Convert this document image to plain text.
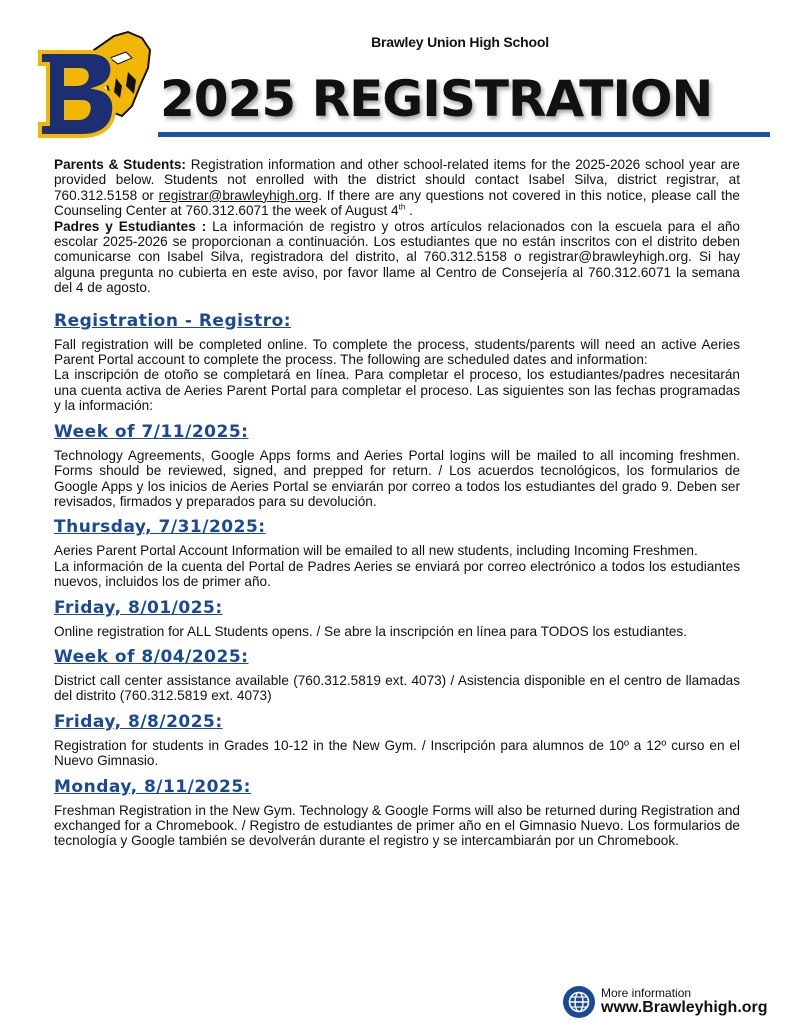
Brawley Union High School
2025 REGISTRATION

Parents & Students: Registration information and other school-related items for the 2025-2026 school year are provided below. Students not enrolled with the district should contact Isabel Silva, district registrar, at 760.312.5158 or registrar@brawleyhigh.org. If there are any questions not covered in this notice, please call the Counseling Center at 760.312.6071 the week of August 4th .

Padres y Estudiantes : La información de registro y otros artículos relacionados con la escuela para el año escolar 2025-2026 se proporcionan a continuación. Los estudiantes que no están inscritos con el distrito deben comunicarse con Isabel Silva, registradora del distrito, al 760.312.5158 o registrar@brawleyhigh.org. Si hay alguna pregunta no cubierta en este aviso, por favor llame al Centro de Consejería al 760.312.6071 la semana del 4 de agosto.

Registration - Registro:

Fall registration will be completed online. To complete the process, students/parents will need an active Aeries Parent Portal account to complete the process. The following are scheduled dates and information:

La inscripción de otoño se completará en línea. Para completar el proceso, los estudiantes/padres necesitarán una cuenta activa de Aeries Parent Portal para completar el proceso. Las siguientes son las fechas programadas y la información:

Week of 7/11/2025:

Technology Agreements, Google Apps forms and Aeries Portal logins will be mailed to all incoming freshmen. Forms should be reviewed, signed, and prepped for return. / Los acuerdos tecnológicos, los formularios de Google Apps y los inicios de Aeries Portal se enviarán por correo a todos los estudiantes del grado 9. Deben ser revisados, firmados y preparados para su devolución.

Thursday, 7/31/2025:

Aeries Parent Portal Account Information will be emailed to all new students, including Incoming Freshmen.

La información de la cuenta del Portal de Padres Aeries se enviará por correo electrónico a todos los estudiantes nuevos, incluidos los de primer año.

Friday, 8/01/025:

Online registration for ALL Students opens. / Se abre la inscripción en línea para TODOS los estudiantes.

Week of 8/04/2025:

District call center assistance available (760.312.5819 ext. 4073) / Asistencia disponible en el centro de llamadas del distrito (760.312.5819 ext. 4073)

Friday, 8/8/2025:

Registration for students in Grades 10-12 in the New Gym. / Inscripción para alumnos de 10º a 12º curso en el Nuevo Gimnasio.

Monday, 8/11/2025:

Freshman Registration in the New Gym. Technology & Google Forms will also be returned during Registration and exchanged for a Chromebook. / Registro de estudiantes de primer año en el Gimnasio Nuevo. Los formularios de tecnología y Google también se devolverán durante el registro y se intercambiarán por un Chromebook.

More information
www.Brawleyhigh.org
